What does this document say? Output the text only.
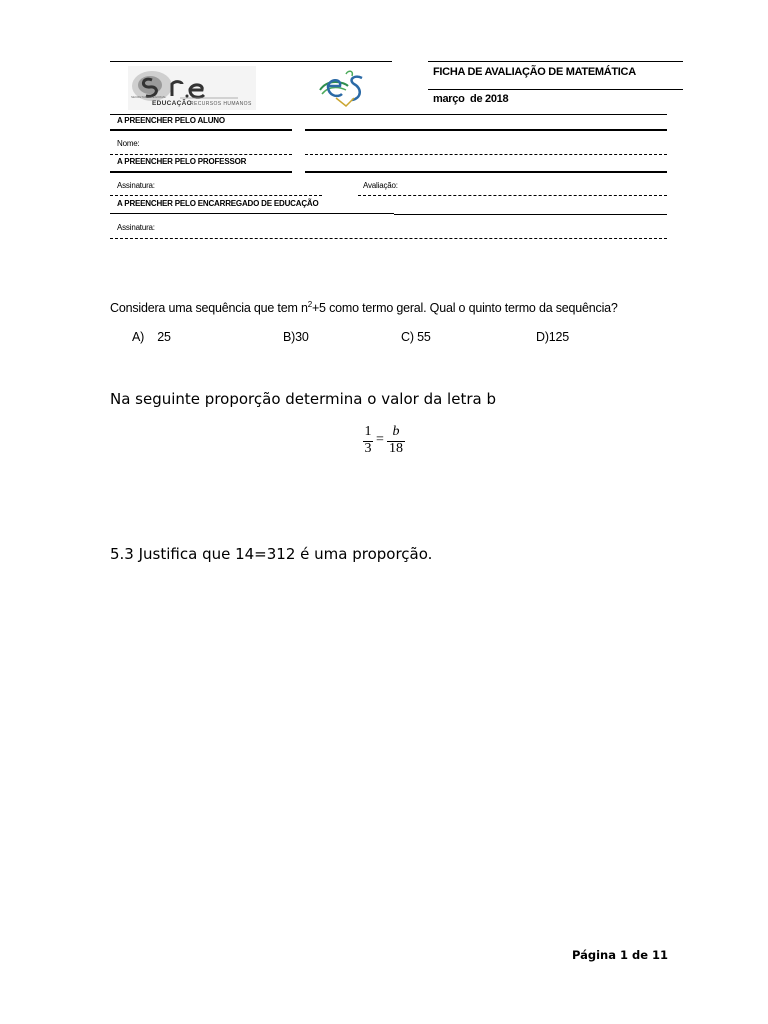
SECRETARIA REGIONAL
EDUCAÇÃO
RECURSOS HUMANOS
FICHA DE AVALIAÇÃO DE MATEMÁTICA
março  de 2018
A PREENCHER PELO ALUNO
Nome:
A PREENCHER PELO PROFESSOR
Assinatura:	Avaliação:
A PREENCHER PELO ENCARREGADO DE EDUCAÇÃO
Assinatura:
Considera uma sequência que tem $n^2+5$ como termo geral. Qual o quinto termo da sequência?
A)    25	B)30	C) 55	D)125
Na seguinte proporção determina o valor da letra b
1
3
=
b
18
5.3 Justifica que 14=312 é uma proporção.
Página 1 de 11
